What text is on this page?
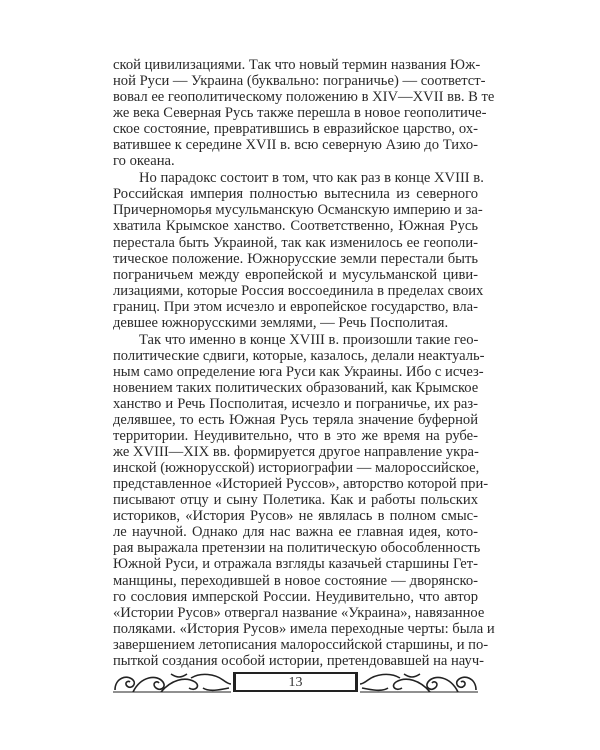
ской цивилизациями. Так что новый термин названия Юж-
ной Руси — Украина (буквально: пограничье) — соответст-
вовал ее геополитическому положению в XIV—XVII вв. В те
же века Северная Русь также перешла в новое геополитиче-
ское состояние, превратившись в евразийское царство, ох-
ватившее к середине XVII в. всю северную Азию до Тихо-
го океана.
Но парадокс состоит в том, что как раз в конце XVIII в.
Российская империя полностью вытеснила из северного
Причерноморья мусульманскую Османскую империю и за-
хватила Крымское ханство. Соответственно, Южная Русь
перестала быть Украиной, так как изменилось ее геополи-
тическое положение. Южнорусские земли перестали быть
пограничьем между европейской и мусульманской циви-
лизациями, которые Россия воссоединила в пределах своих
границ. При этом исчезло и европейское государство, вла-
девшее южнорусскими землями, — Речь Посполитая.
Так что именно в конце XVIII в. произошли такие гео-
политические сдвиги, которые, казалось, делали неактуаль-
ным само определение юга Руси как Украины. Ибо с исчез-
новением таких политических образований, как Крымское
ханство и Речь Посполитая, исчезло и пограничье, их раз-
делявшее, то есть Южная Русь теряла значение буферной
территории. Неудивительно, что в это же время на рубе-
же XVIII—XIX вв. формируется другое направление укра-
инской (южнорусской) историографии — малороссийское,
представленное «Историей Руссов», авторство которой при-
писывают отцу и сыну Полетика. Как и работы польских
историков, «История Русов» не являлась в полном смыс-
ле научной. Однако для нас важна ее главная идея, кото-
рая выражала претензии на политическую обособленность
Южной Руси, и отражала взгляды казачьей старшины Гет-
манщины, переходившей в новое состояние — дворянско-
го сословия имперской России. Неудивительно, что автор
«Истории Русов» отвергал название «Украина», навязанное
поляками. «История Русов» имела переходные черты: была и
завершением летописания малороссийской старшины, и по-
пыткой создания особой истории, претендовавшей на науч-
13
